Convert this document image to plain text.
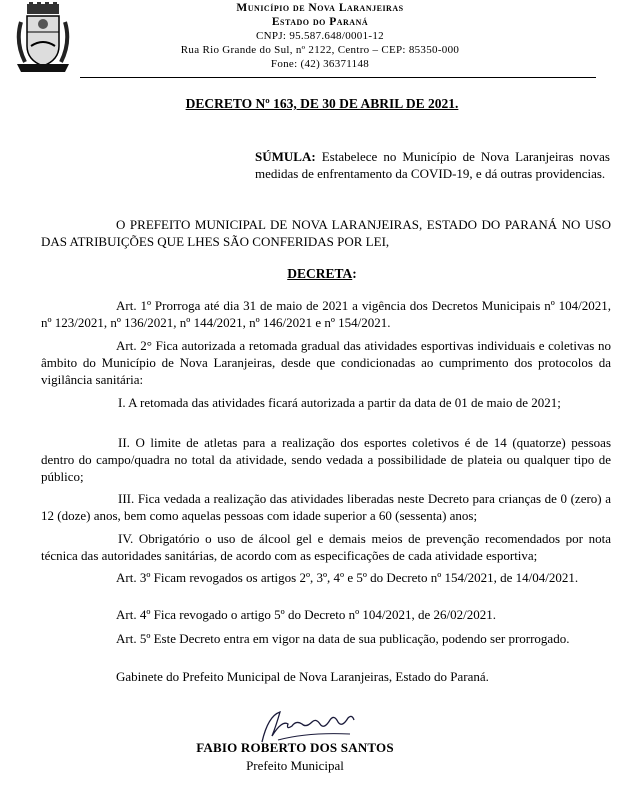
Município de Nova Laranjeiras
Estado do Paraná
CNPJ: 95.587.648/0001-12
Rua Rio Grande do Sul, nº 2122, Centro – CEP: 85350-000
Fone: (42) 36371148
DECRETO Nº 163, DE 30 DE ABRIL DE 2021.
SÚMULA: Estabelece no Município de Nova Laranjeiras novas medidas de enfrentamento da COVID-19, e dá outras providencias.

O PREFEITO MUNICIPAL DE NOVA LARANJEIRAS, ESTADO DO PARANÁ NO USO DAS ATRIBUIÇÕES QUE LHES SÃO CONFERIDAS POR LEI,

DECRETA:

Art. 1º Prorroga até dia 31 de maio de 2021 a vigência dos Decretos Municipais nº 104/2021, nº 123/2021, nº 136/2021, nº 144/2021, nº 146/2021 e nº 154/2021.

Art. 2° Fica autorizada a retomada gradual das atividades esportivas individuais e coletivas no âmbito do Município de Nova Laranjeiras, desde que condicionadas ao cumprimento dos protocolos da vigilância sanitária:

I. A retomada das atividades ficará autorizada a partir da data de 01 de maio de 2021;

II. O limite de atletas para a realização dos esportes coletivos é de 14 (quatorze) pessoas dentro do campo/quadra no total da atividade, sendo vedada a possibilidade de plateia ou qualquer tipo de público;

III. Fica vedada a realização das atividades liberadas neste Decreto para crianças de 0 (zero) a 12 (doze) anos, bem como aquelas pessoas com idade superior a 60 (sessenta) anos;

IV. Obrigatório o uso de álcool gel e demais meios de prevenção recomendados por nota técnica das autoridades sanitárias, de acordo com as especificações de cada atividade esportiva;

Art. 3º Ficam revogados os artigos 2º, 3º, 4º e 5º do Decreto nº 154/2021, de 14/04/2021.

Art. 4º Fica revogado o artigo 5º do Decreto nº 104/2021, de 26/02/2021.

Art. 5º Este Decreto entra em vigor na data de sua publicação, podendo ser prorrogado.

Gabinete do Prefeito Municipal de Nova Laranjeiras, Estado do Paraná.

FABIO ROBERTO DOS SANTOS
Prefeito Municipal
